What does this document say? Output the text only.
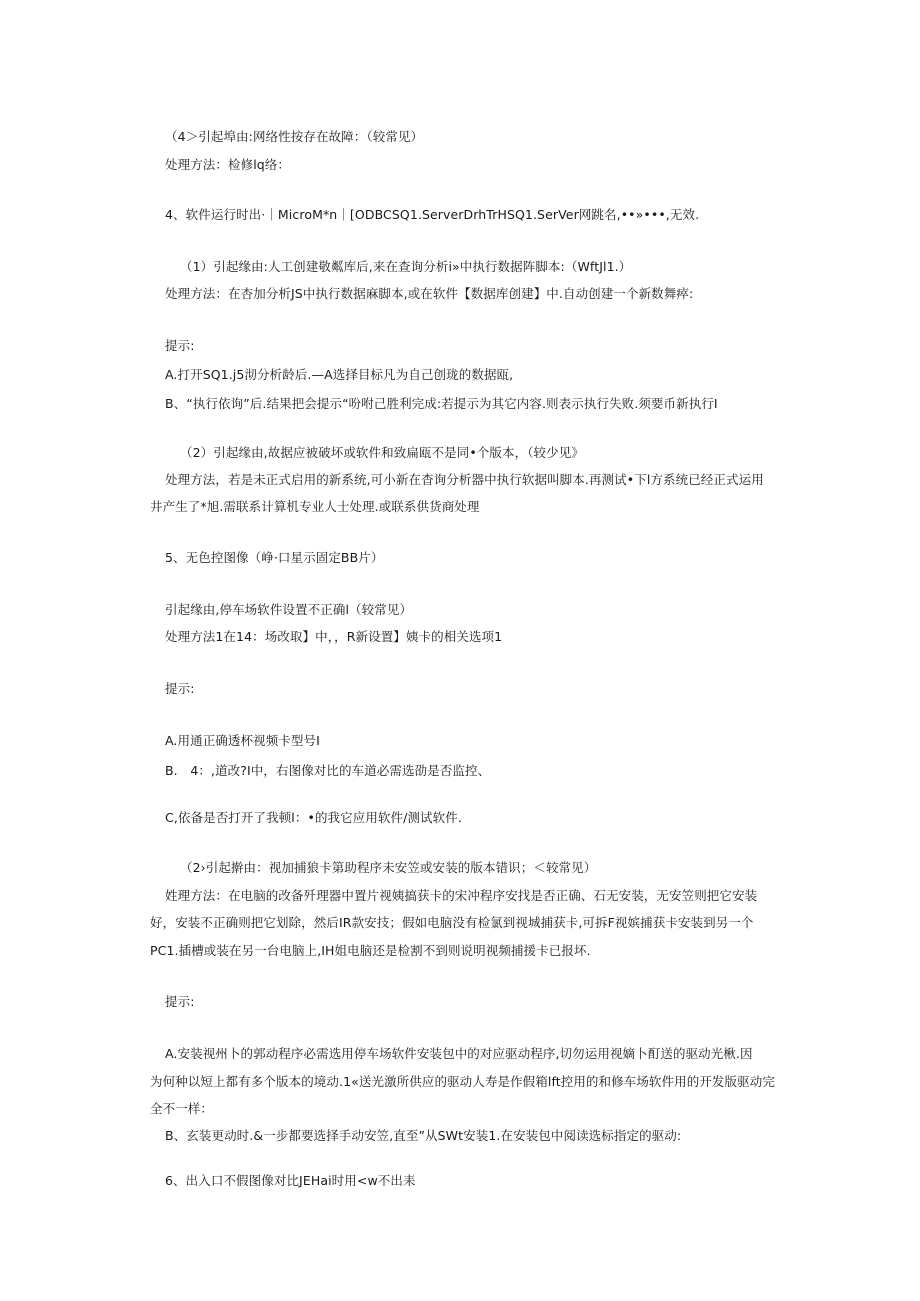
（4＞引起埠由:网络性按存在故障：（较常见）
处理方法：检修lq络：
4、软件运行时出·｜MicroM*n｜[ODBCSQ1.ServerDrhTrHSQ1.SerVer网跳名,••»•••,无效.
（1）引起缘由:人工创建敬粼库后,来在查询分析i»中执行数据阵脚本:（WftJl1.）
处理方法：在杏加分析JS中执行数据麻脚本,或在软件【数据库创建】中.自动创建一个新数舞瘁:
提示:
A.打开SQ1.j5沏分析龄后.—A选择目标凡为自己创珑的数据瓯,
B、“执行依询”后.结果把会提示“吩咐己胜利完成:若提示为其它内容.则表示执行失败.须要币新执行I
（2）引起缘由,故据应被破坏或软件和致扁瓯不是同•个版本，（较少见》
处理方法，若是未正式启用的新系统,可小新在杳询分析器中执行软据叫脚本.再测试•下l方系统已经正式运用
井产生了*旭.需联系计算机专业人士处理.或联系供货商处理
5、无色控图像（峥·口星示固定BB片）
引起缘由,停车场软件设置不正确l（较常见）
处理方法1在14：场改取】中，，R新设置】姨卡的相关选项1
提示:
A.用通正确透杯视频卡型号I
B.　4：,道改?I中，右图像对比的车道必需选劭是否监控、
C,依备是否打开了我顿l：•的我它应用软件/测试软件.
（2›引起擀由：视加捕狼卡第助程序未安笠或安装的版本错识；＜较常见）
姓理方法：在电脑的改备歼理器中置片视姨搞获卡的宋冲程序安找是否正确、石无安装，无安笠则把它安装
好，安装不正确则把它划除，然后IR款安技；假如电脑没有检氯到视城捕获卡,可拆F视嫔捕获卡安装到另一个
PC1.插槽或装在另一台电脑上,IH姐电脑还是检割不到则说明视频捕援卡已报坏.
提示:
A.安装视州卜的郭动程序必需选用停车场软件安装包中的对应驱动程序,切勿运用视嫡卜酊送的驱动光楸.因
为何种以短上都有多个版本的境动.1«送光激所供应的驱动人寿是作假箱lft控用的和修车场软件用的开发版驱动完
全不一样：
B、玄装更动时.&一步都要选择手动安笠,直至”从SWt安装1.在安装包中阅读选标指定的驱动:
6、出入口不假图像对比JEHai时用<w不出耒
